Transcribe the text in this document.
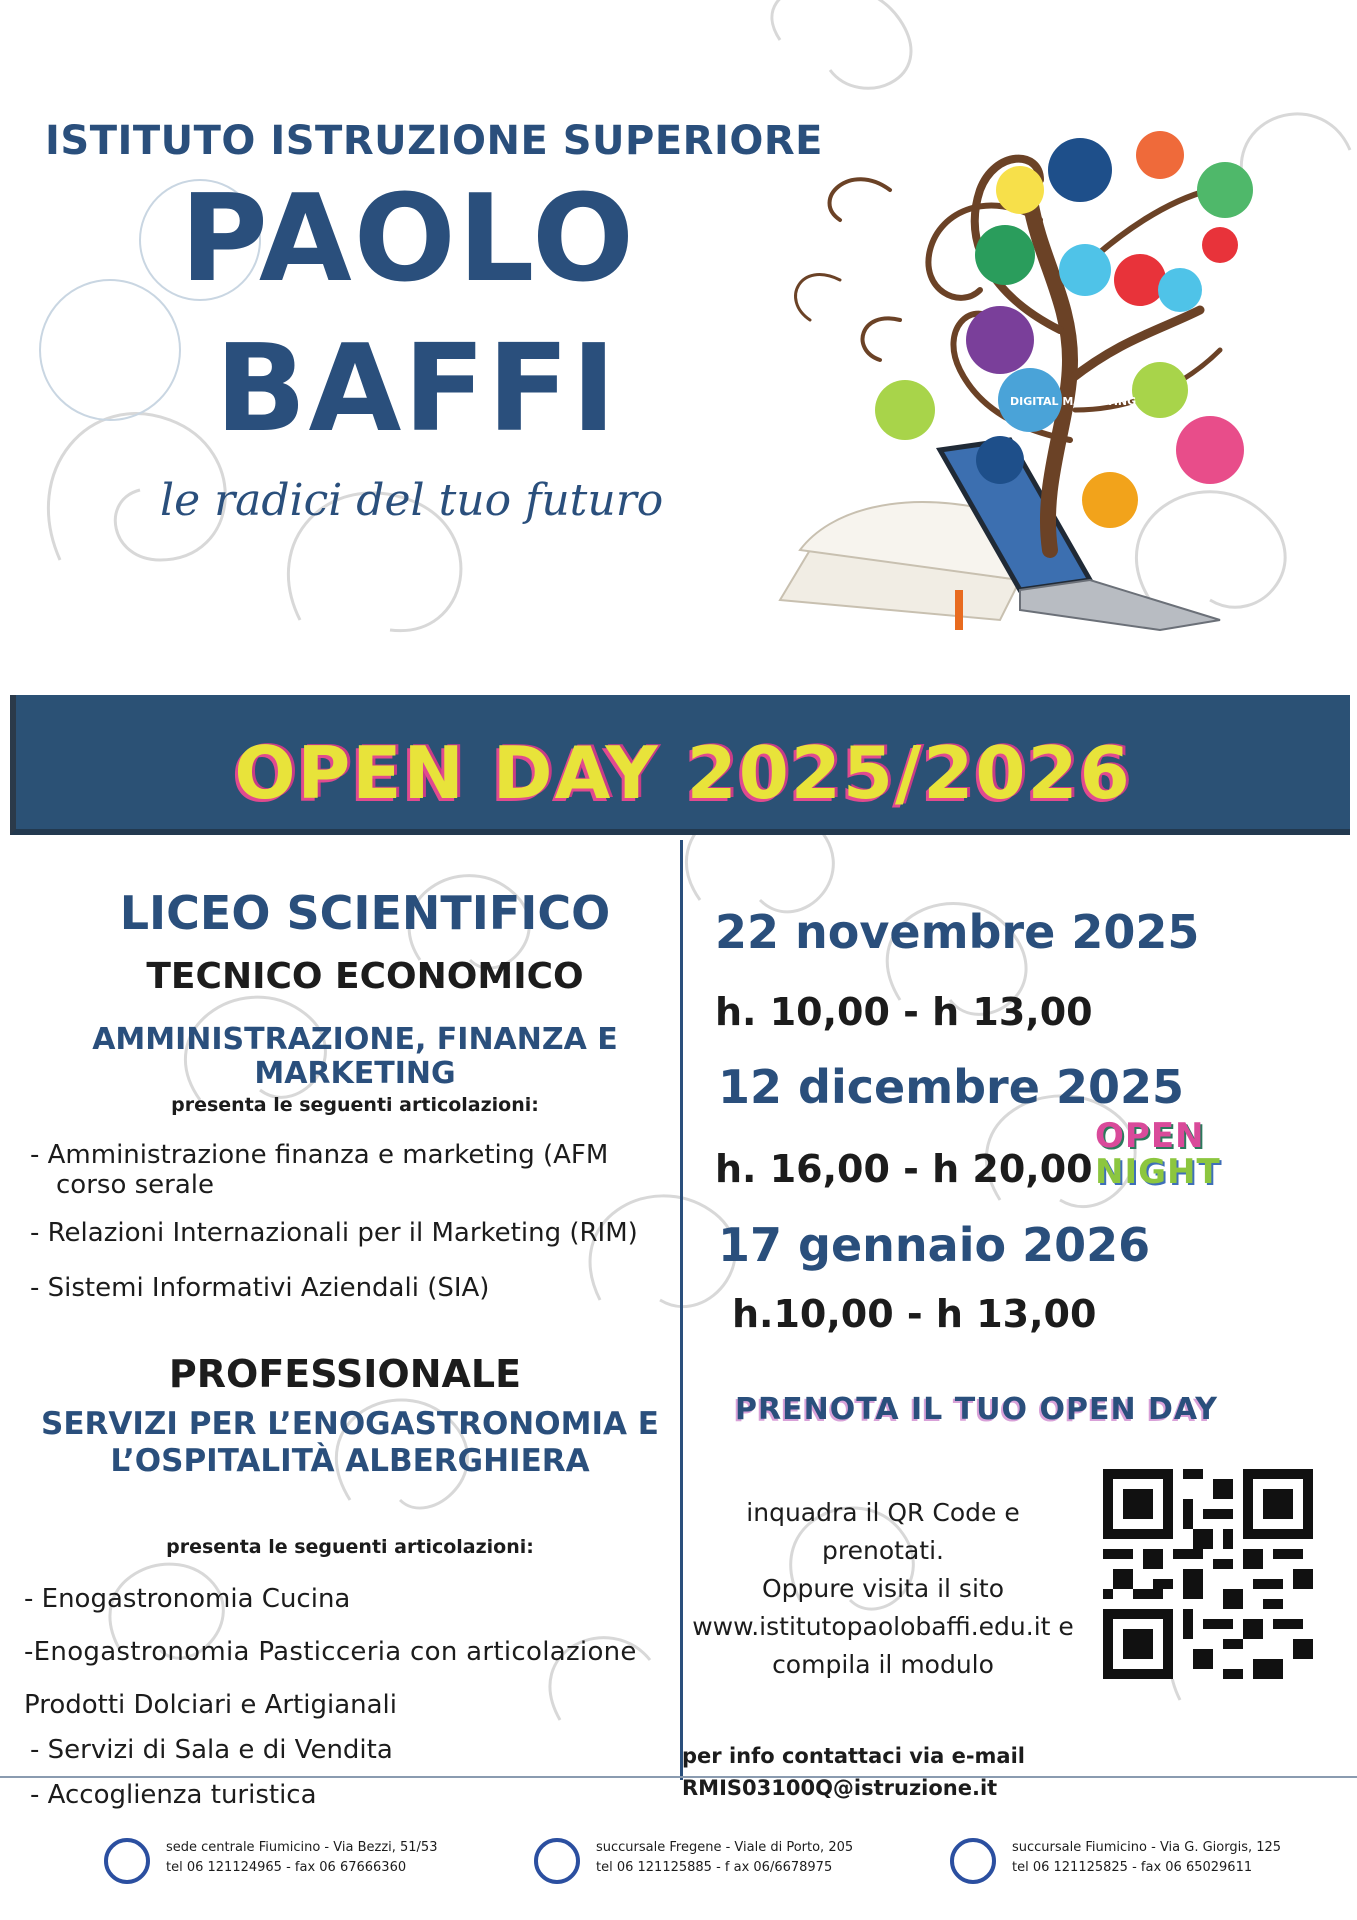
ISTITUTO ISTRUZIONE SUPERIORE
PAOLO
BAFFI
le radici del tuo futuro
DIGITAL MARKETING
OPEN DAY 2025/2026
LICEO SCIENTIFICO
TECNICO ECONOMICO
AMMINISTRAZIONE, FINANZA E
MARKETING
presenta le seguenti articolazioni:
- Amministrazione finanza e marketing (AFM
corso serale
- Relazioni Internazionali per il Marketing (RIM)
- Sistemi Informativi Aziendali (SIA)
PROFESSIONALE
SERVIZI PER L’ENOGASTRONOMIA E
L’OSPITALITÀ ALBERGHIERA
presenta le seguenti articolazioni:
- Enogastronomia Cucina
-Enogastronomia Pasticceria con articolazione
Prodotti Dolciari e Artigianali
- Servizi di Sala e di Vendita
- Accoglienza turistica
22 novembre 2025
h. 10,00 - h 13,00
12 dicembre 2025
h. 16,00 - h 20,00
17 gennaio 2026
h.10,00 - h 13,00
OPEN
NIGHT
PRENOTA IL TUO OPEN DAY
inquadra il QR Code e
prenotati.
Oppure visita il sito
www.istitutopaolobaffi.edu.it e
compila il modulo
per info contattaci via e-mail
RMIS03100Q@istruzione.it
sede centrale Fiumicino - Via Bezzi, 51/53
tel 06 121124965 - fax 06 67666360
succursale Fregene - Viale di Porto, 205
tel 06 121125885 - f ax 06/6678975
succursale Fiumicino - Via G. Giorgis, 125
tel 06 121125825 - fax 06 65029611
